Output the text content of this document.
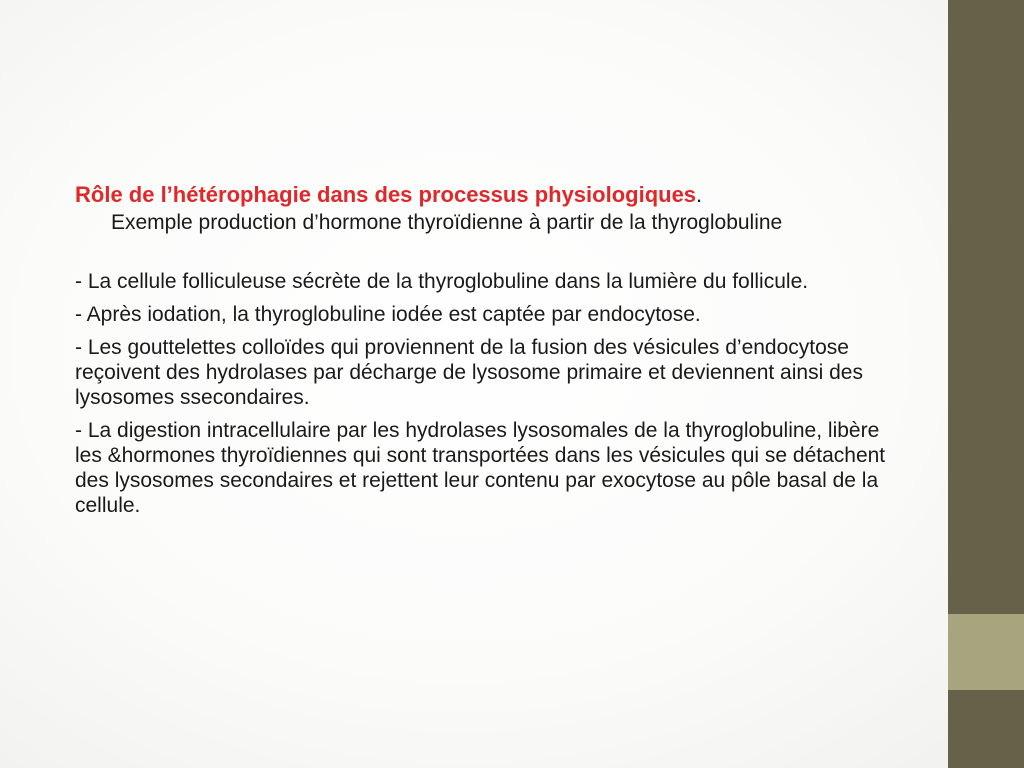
Rôle de l’hétérophagie dans des processus physiologiques.

Exemple production d’hormone thyroïdienne à partir de la thyroglobuline

- La cellule folliculeuse sécrète de la thyroglobuline dans la lumière du follicule.

- Après iodation, la thyroglobuline iodée est captée par endocytose.

- Les gouttelettes colloïdes qui proviennent de la fusion des vésicules d’endocytose reçoivent des hydrolases par décharge de lysosome primaire et deviennent ainsi des lysosomes ssecondaires.

- La digestion intracellulaire par les hydrolases lysosomales de la thyroglobuline, libère les &hormones thyroïdiennes qui sont transportées dans les vésicules qui se détachent des lysosomes secondaires et rejettent leur contenu par exocytose au pôle basal de la cellule.
